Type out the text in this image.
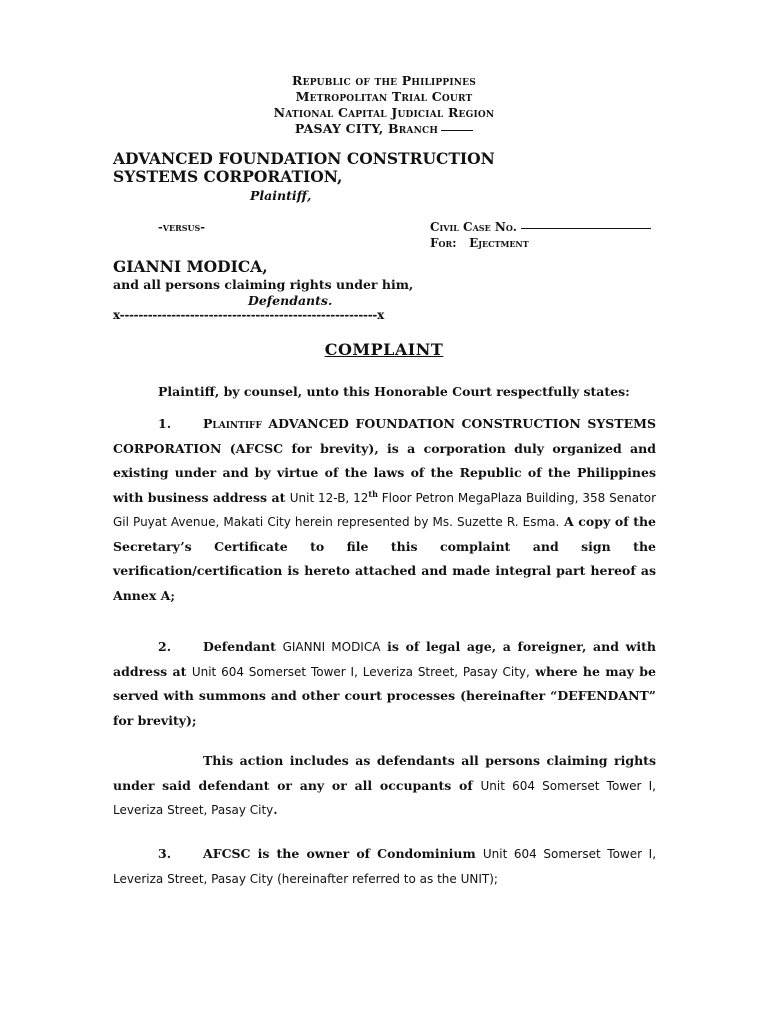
Republic of the Philippines
Metropolitan Trial Court
National Capital Judicial Region
PASAY CITY, Branch
ADVANCED FOUNDATION CONSTRUCTION
SYSTEMS CORPORATION,
Plaintiff,
-versus-	Civil Case No.
For: Ejectment
GIANNI MODICA,
and all persons claiming rights under him,
Defendants.
x-------------------------------------------------------x
COMPLAINT
Plaintiff, by counsel, unto this Honorable Court respectfully states:
1.	Plaintiff ADVANCED FOUNDATION CONSTRUCTION SYSTEMS CORPORATION (AFCSC for brevity), is a corporation duly organized and existing under and by virtue of the laws of the Republic of the Philippines with business address at Unit 12-B, 12th Floor Petron MegaPlaza Building, 358 Senator Gil Puyat Avenue, Makati City herein represented by Ms. Suzette R. Esma. A copy of the Secretary’s Certificate to file this complaint and sign the verification/certification is hereto attached and made integral part hereof as Annex A;
2.	Defendant GIANNI MODICA is of legal age, a foreigner, and with address at Unit 604 Somerset Tower I, Leveriza Street, Pasay City, where he may be served with summons and other court processes (hereinafter “DEFENDANT” for brevity);
This action includes as defendants all persons claiming rights under said defendant or any or all occupants of Unit 604 Somerset Tower I, Leveriza Street, Pasay City.
3.	AFCSC is the owner of Condominium Unit 604 Somerset Tower I, Leveriza Street, Pasay City (hereinafter referred to as the UNIT);
